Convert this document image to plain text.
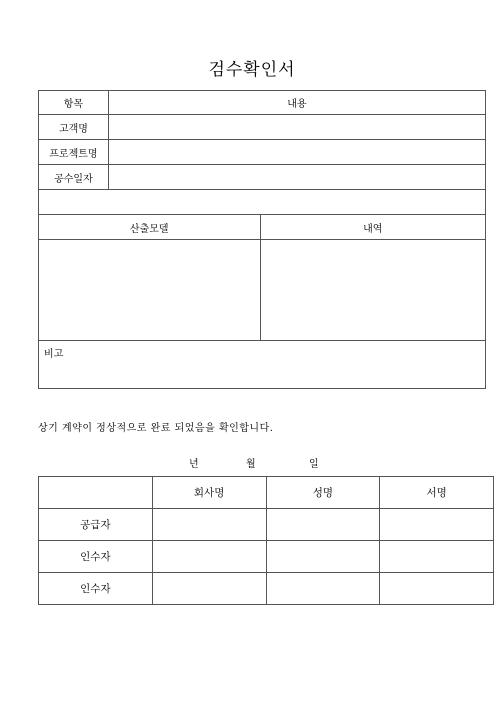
검수확인서
항목	내용	
고객명		
프로젝트명		
공수일자		

산출모델		내역

비고		
상기 계약이 정상적으로 완료 되었음을 확인합니다.
년	월	일
	회사명	성명	서명
공급자			
인수자			
인수자			
